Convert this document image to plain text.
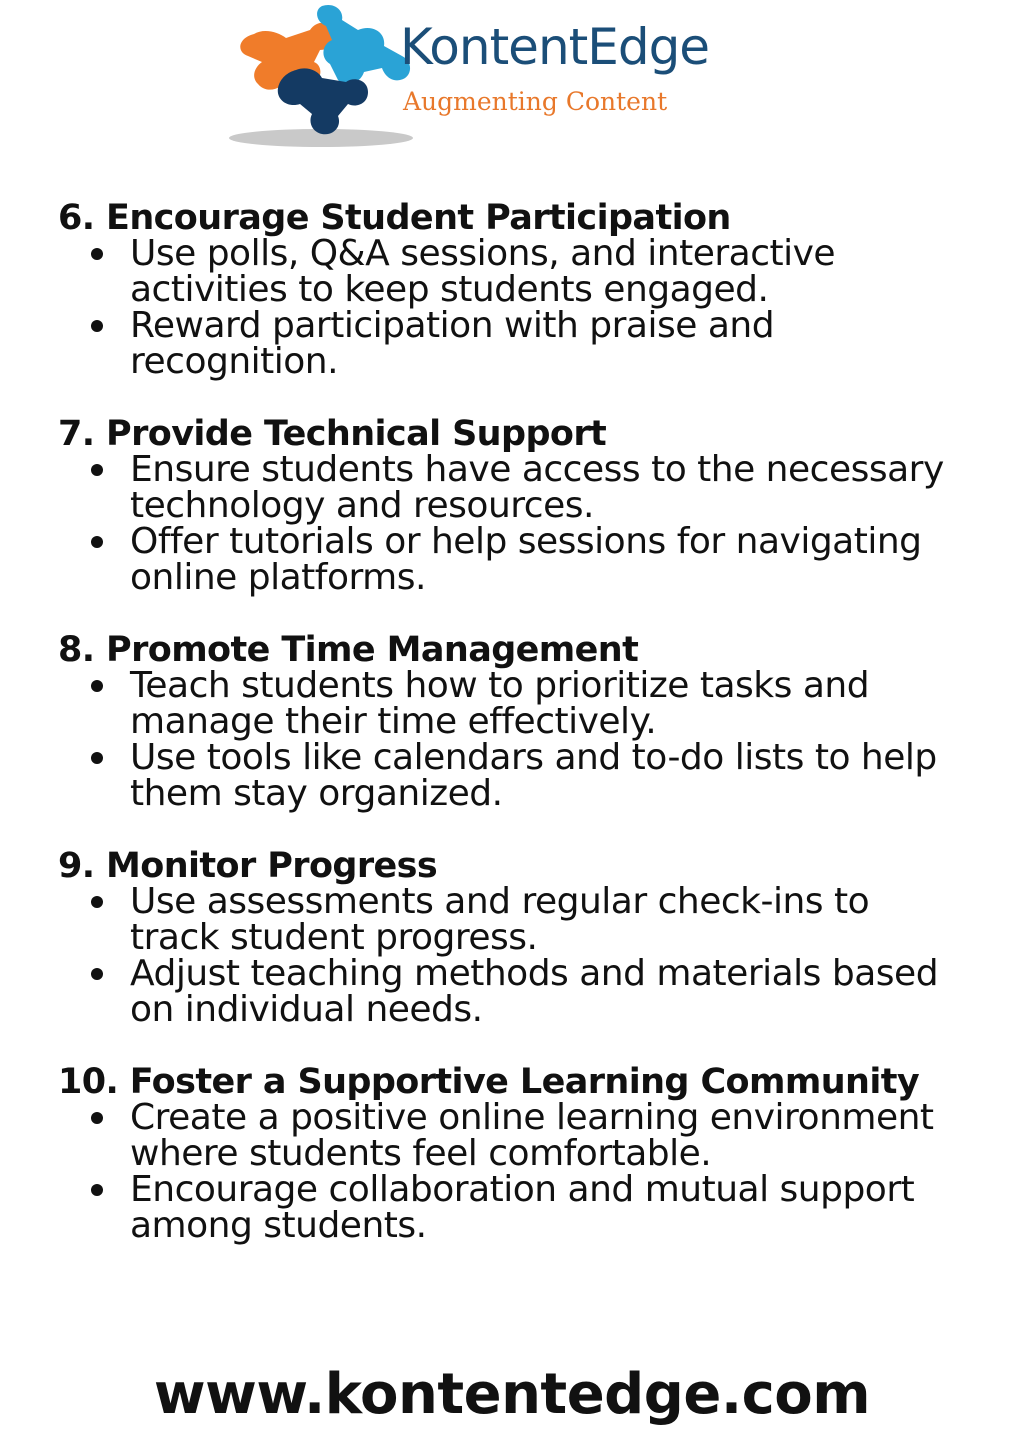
KontentEdge
Augmenting Content
6. Encourage Student Participation
Use polls, Q&A sessions, and interactive activities to keep students engaged.
Reward participation with praise and recognition.
7. Provide Technical Support
Ensure students have access to the necessary technology and resources.
Offer tutorials or help sessions for navigating online platforms.
8. Promote Time Management
Teach students how to prioritize tasks and manage their time effectively.
Use tools like calendars and to-do lists to help them stay organized.
9. Monitor Progress
Use assessments and regular check-ins to track student progress.
Adjust teaching methods and materials based on individual needs.
10. Foster a Supportive Learning Community
Create a positive online learning environment where students feel comfortable.
Encourage collaboration and mutual support among students.
www.kontentedge.com
